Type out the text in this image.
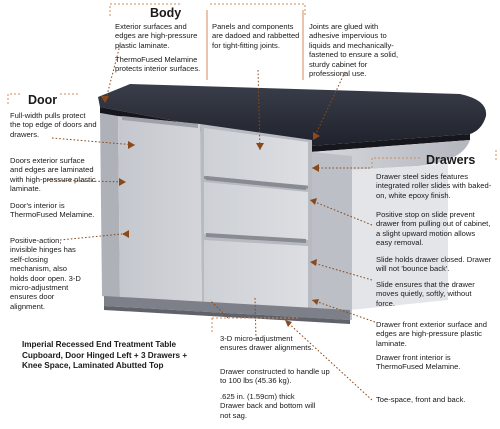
Body
Door
Drawers

Exterior surfaces and edges are high-pressure plastic laminate.

ThermoFused Melamine protects interior surfaces.

Panels and components are dadoed and rabbetted for tight-fitting joints.

Joints are glued with adhesive impervious to liquids and mechanically-fastened to ensure a solid, sturdy cabinet for professional use.

Full-width pulls protect the top edge of doors and drawers.

Doors exterior surface and edges are laminated with high-pressure plastic laminate.

Door's interior is ThermoFused Melamine.

Positive-action, invisible hinges has self-closing mechanism, also holds door open. 3-D micro-adjustment ensures door alignment.

Drawer steel sides features integrated roller slides with baked-on, white epoxy finish.

Positive stop on slide prevent drawer from pulling out of cabinet, a slight upward motion allows easy removal.

Slide holds drawer closed. Drawer will not 'bounce back'.

Slide ensures that the drawer moves quietly, softly, without force.

Drawer front exterior surface and edges are high-pressure plastic laminate.

Drawer front interior is ThermoFused Melamine.

Toe-space, front and back.

3-D micro-adjustment ensures drawer alignments.

Drawer constructed to handle up to 100 lbs (45.36 kg).

.625 in. (1.59cm) thick Drawer back and bottom will not sag.

Imperial Recessed End Treatment Table Cupboard, Door Hinged Left + 3 Drawers + Knee Space, Laminated Abutted Top
